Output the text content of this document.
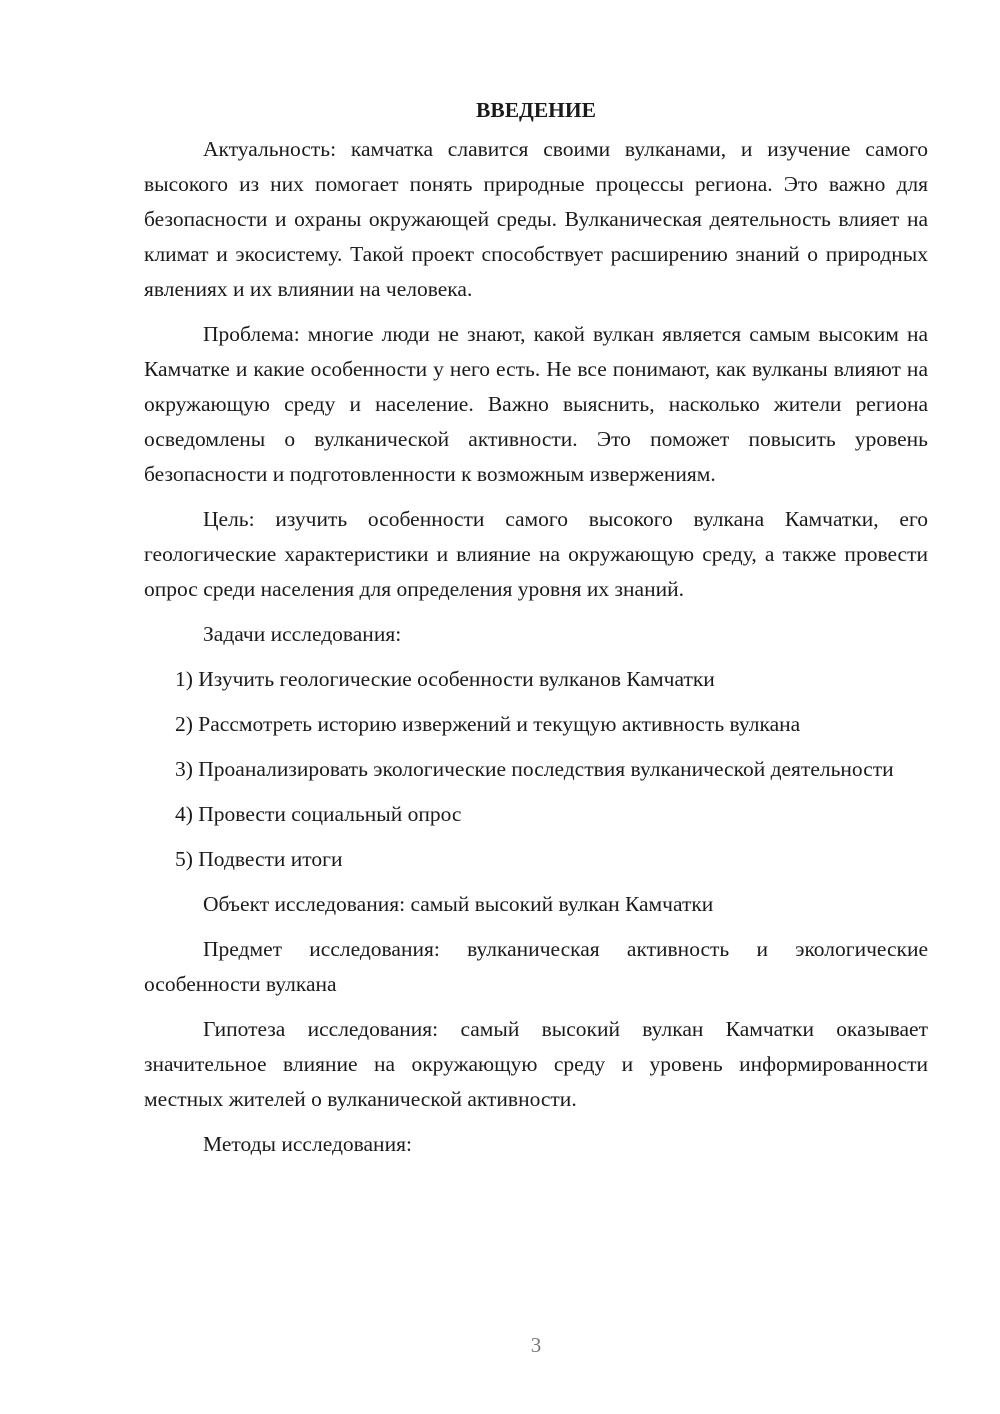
ВВЕДЕНИЕ

Актуальность: камчатка славится своими вулканами, и изучение самого высокого из них помогает понять природные процессы региона. Это важно для безопасности и охраны окружающей среды. Вулканическая деятельность влияет на климат и экосистему. Такой проект способствует расширению знаний о природных явлениях и их влиянии на человека.

Проблема: многие люди не знают, какой вулкан является самым высоким на Камчатке и какие особенности у него есть. Не все понимают, как вулканы влияют на окружающую среду и население. Важно выяснить, насколько жители региона осведомлены о вулканической активности. Это поможет повысить уровень безопасности и подготовленности к возможным извержениям.

Цель: изучить особенности самого высокого вулкана Камчатки, его геологические характеристики и влияние на окружающую среду, а также провести опрос среди населения для определения уровня их знаний.

Задачи исследования:

1) Изучить геологические особенности вулканов Камчатки

2) Рассмотреть историю извержений и текущую активность вулкана

3) Проанализировать экологические последствия вулканической деятельности

4) Провести социальный опрос

5) Подвести итоги

Объект исследования: самый высокий вулкан Камчатки

Предмет исследования: вулканическая активность и экологические особенности вулкана

Гипотеза исследования: самый высокий вулкан Камчатки оказывает значительное влияние на окружающую среду и уровень информированности местных жителей о вулканической активности.

Методы исследования:

3
